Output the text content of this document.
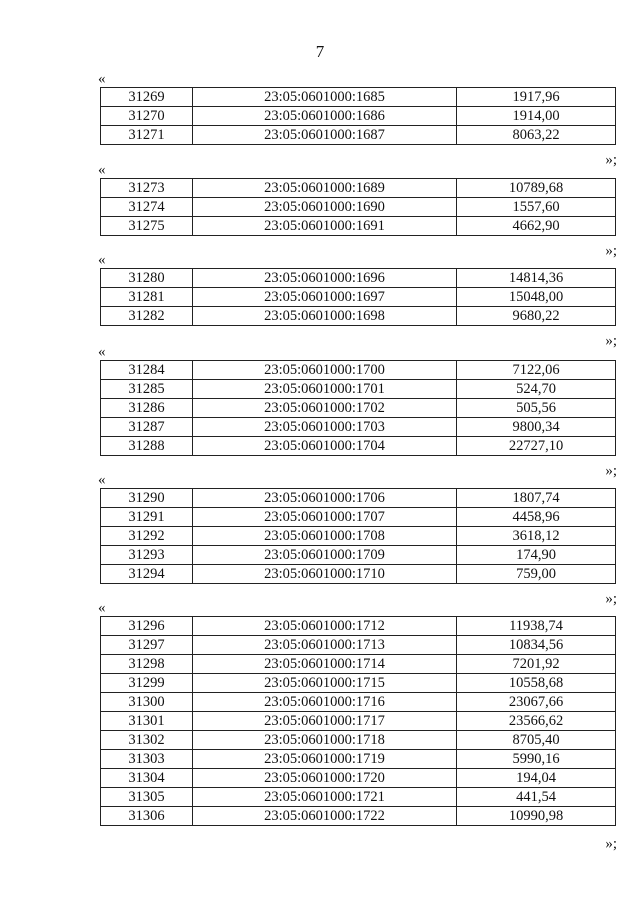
7
«
31269	23:05:0601000:1685	1917,96
31270	23:05:0601000:1686	1914,00
31271	23:05:0601000:1687	8063,22
»;
«
31273	23:05:0601000:1689	10789,68
31274	23:05:0601000:1690	1557,60
31275	23:05:0601000:1691	4662,90
»;
«
31280	23:05:0601000:1696	14814,36
31281	23:05:0601000:1697	15048,00
31282	23:05:0601000:1698	9680,22
»;
«
31284	23:05:0601000:1700	7122,06
31285	23:05:0601000:1701	524,70
31286	23:05:0601000:1702	505,56
31287	23:05:0601000:1703	9800,34
31288	23:05:0601000:1704	22727,10
»;
«
31290	23:05:0601000:1706	1807,74
31291	23:05:0601000:1707	4458,96
31292	23:05:0601000:1708	3618,12
31293	23:05:0601000:1709	174,90
31294	23:05:0601000:1710	759,00
»;
«
31296	23:05:0601000:1712	11938,74
31297	23:05:0601000:1713	10834,56
31298	23:05:0601000:1714	7201,92
31299	23:05:0601000:1715	10558,68
31300	23:05:0601000:1716	23067,66
31301	23:05:0601000:1717	23566,62
31302	23:05:0601000:1718	8705,40
31303	23:05:0601000:1719	5990,16
31304	23:05:0601000:1720	194,04
31305	23:05:0601000:1721	441,54
31306	23:05:0601000:1722	10990,98
»;
